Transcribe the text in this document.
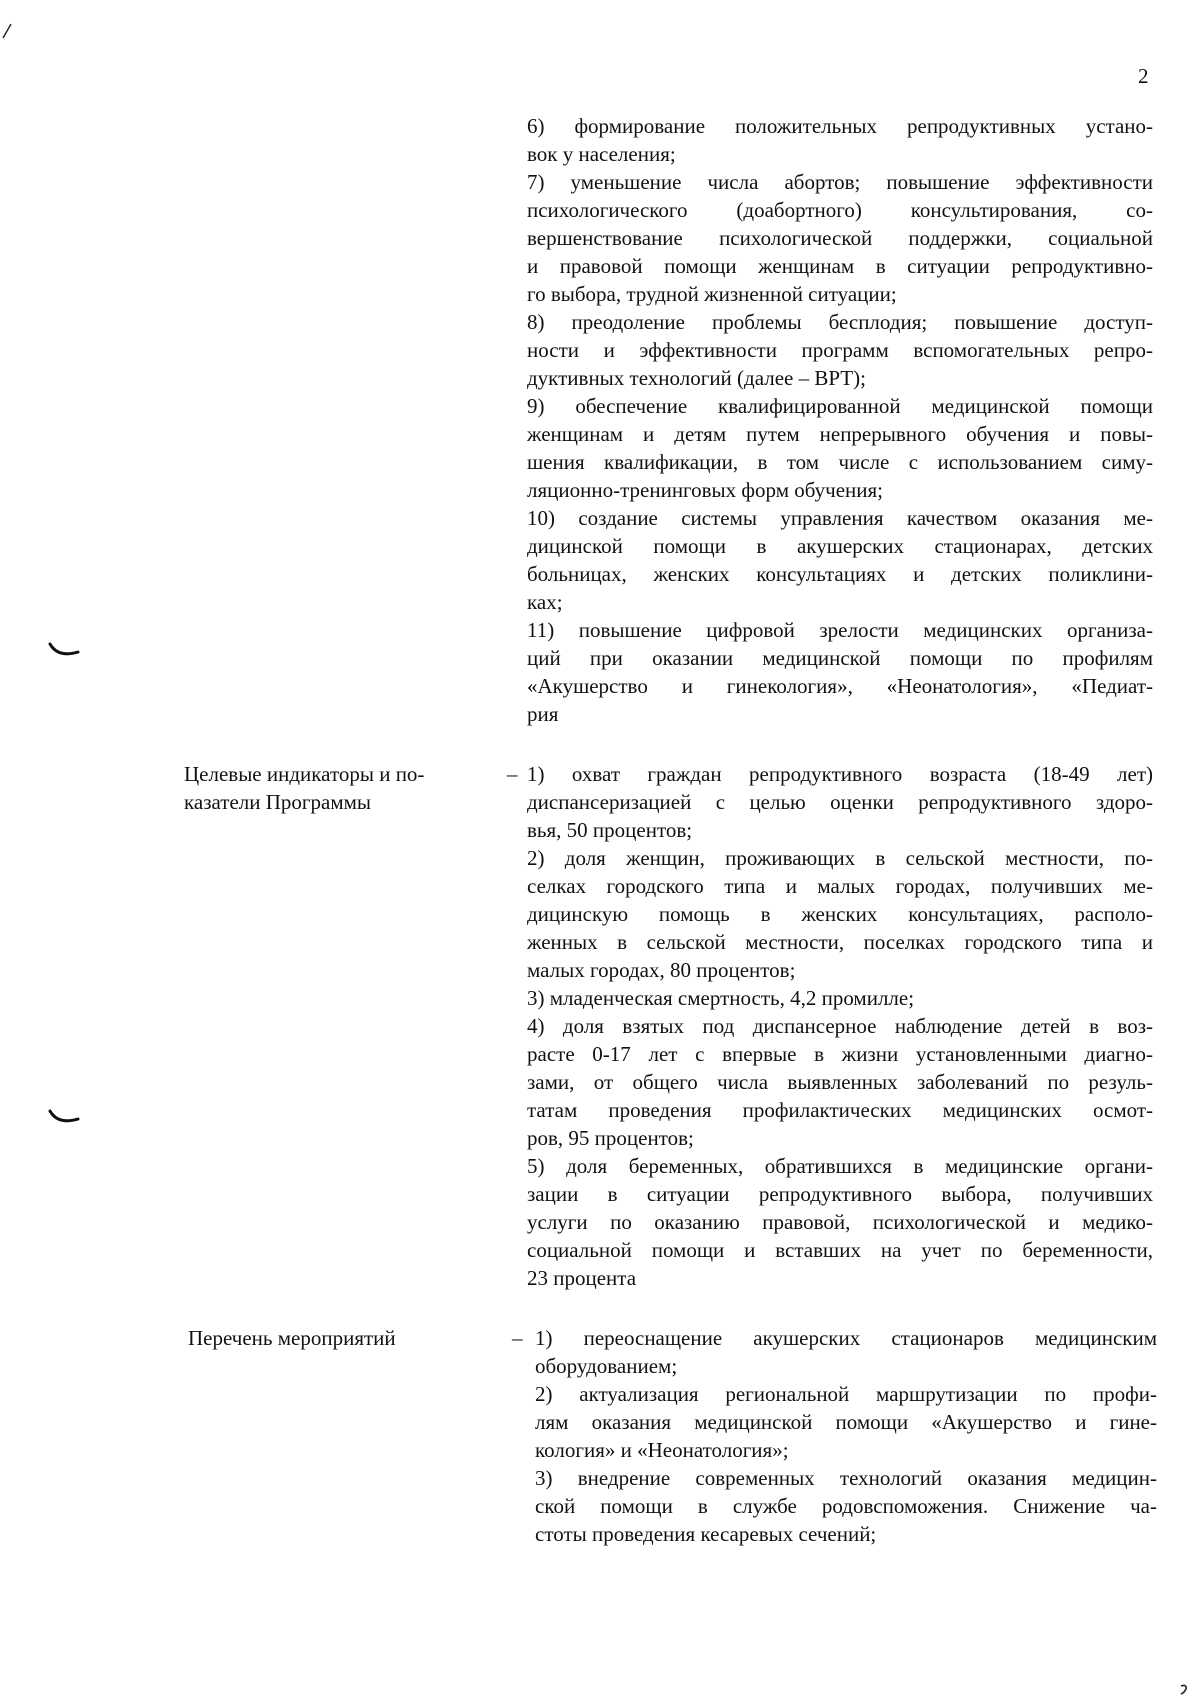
2
6) формирование положительных репродуктивных устано-
вок у населения;
7) уменьшение числа абортов; повышение эффективности
психологического (доабортного) консультирования, со-
вершенствование психологической поддержки, социальной
и правовой помощи женщинам в ситуации репродуктивно-
го выбора, трудной жизненной ситуации;
8) преодоление проблемы бесплодия; повышение доступ-
ности и эффективности программ вспомогательных репро-
дуктивных технологий (далее – ВРТ);
9) обеспечение квалифицированной медицинской помощи
женщинам и детям путем непрерывного обучения и повы-
шения квалификации, в том числе с использованием симу-
ляционно-тренинговых форм обучения;
10) создание системы управления качеством оказания ме-
дицинской помощи в акушерских стационарах, детских
больницах, женских консультациях и детских поликлини-
ках;
11) повышение цифровой зрелости медицинских организа-
ций при оказании медицинской помощи по профилям
«Акушерство и гинекология», «Неонатология», «Педиат-
рия
Целевые индикаторы и по-
казатели Программы
– 1) охват граждан репродуктивного возраста (18-49 лет)
диспансеризацией с целью оценки репродуктивного здоро-
вья, 50 процентов;
2) доля женщин, проживающих в сельской местности, по-
селках городского типа и малых городах, получивших ме-
дицинскую помощь в женских консультациях, располо-
женных в сельской местности, поселках городского типа и
малых городах, 80 процентов;
3) младенческая смертность, 4,2 промилле;
4) доля взятых под диспансерное наблюдение детей в воз-
расте 0-17 лет с впервые в жизни установленными диагно-
зами, от общего числа выявленных заболеваний по резуль-
татам проведения профилактических медицинских осмот-
ров, 95 процентов;
5) доля беременных, обратившихся в медицинские органи-
зации в ситуации репродуктивного выбора, получивших
услуги по оказанию правовой, психологической и медико-
социальной помощи и вставших на учет по беременности,
23 процента
Перечень мероприятий	– 1) переоснащение акушерских стационаров медицинским
оборудованием;
2) актуализация региональной маршрутизации по профи-
лям оказания медицинской помощи «Акушерство и гине-
кология» и «Неонатология»;
3) внедрение современных технологий оказания медицин-
ской помощи в службе родовспоможения. Снижение ча-
стоты проведения кесаревых сечений;
